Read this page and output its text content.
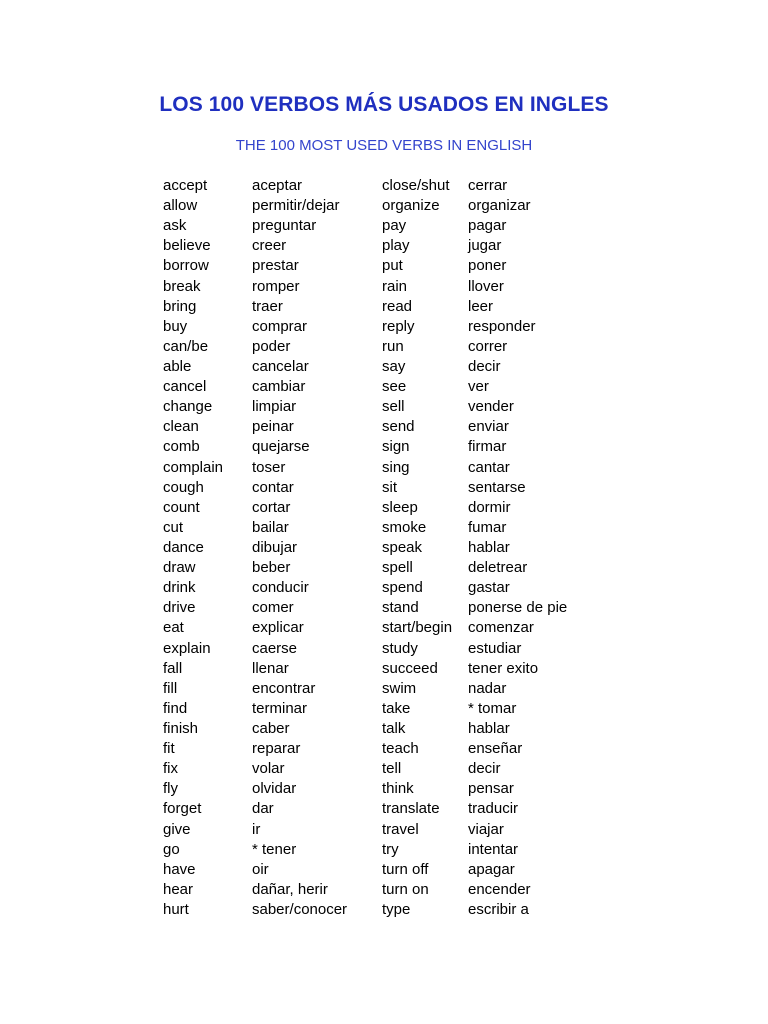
LOS 100 VERBOS MÁS USADOS EN INGLES
THE 100 MOST USED VERBS IN ENGLISH
accept	aceptar	close/shut cerrar
allow	permitir/dejar	organize organizar
ask	preguntar	pay	pagar
believe	creer	play	jugar
borrow	prestar	put	poner
break	romper	rain	llover
bring	traer	read	leer
buy	comprar	reply	responder
can/be	poder	run	correr
able	cancelar	say	decir
cancel	cambiar	see	ver
change	limpiar	sell	vender
clean	peinar	send	enviar
comb	quejarse	sign	firmar
complain toser	sing	cantar
cough	contar	sit	sentarse
count	cortar	sleep	dormir
cut	bailar	smoke	fumar
dance	dibujar	speak	hablar
draw	beber	spell	deletrear
drink	conducir	spend	gastar
drive	comer	stand	ponerse de pie
eat	explicar	start/begin comenzar
explain	caerse	study	estudiar
fall	llenar	succeed tener exito
fill	encontrar	swim	nadar
find	terminar	take	* tomar
finish	caber	talk	hablar
fit	reparar	teach	enseñar
fix	volar	tell	decir
fly	olvidar	think	pensar
forget	dar	translate traducir
give	ir	travel	viajar
go	* tener	try	intentar
have	oir	turn off	apagar
hear	dañar, herir	turn on	encender
hurt	saber/conocer type	escribir a
